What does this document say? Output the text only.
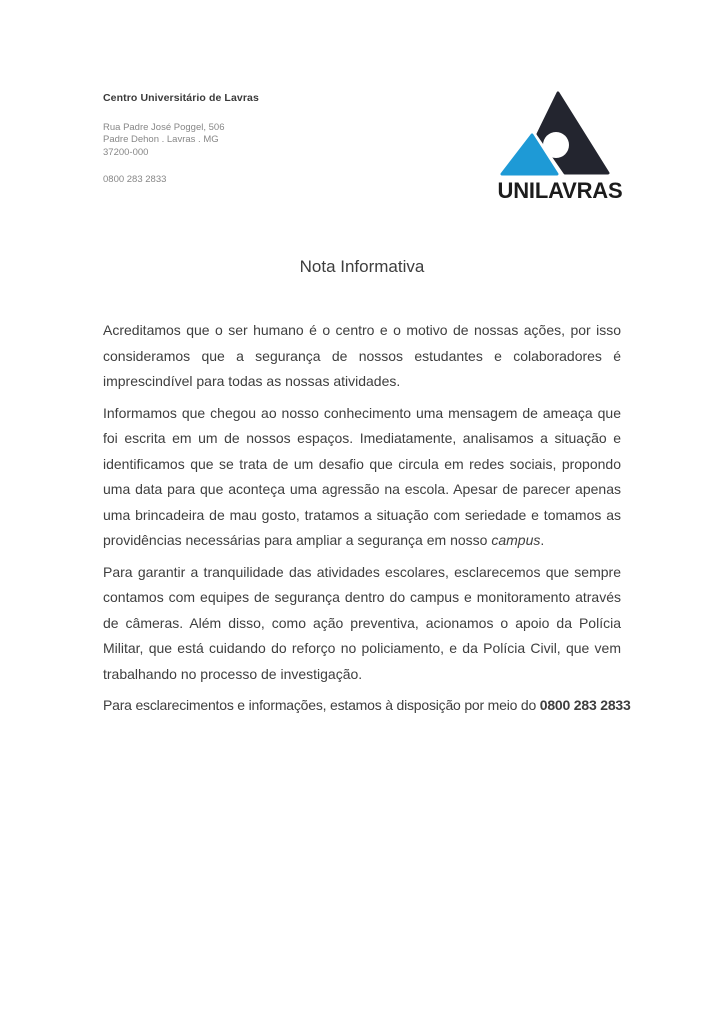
Centro Universitário de Lavras
Rua Padre José Poggel, 506
Padre Dehon . Lavras . MG
37200-000
0800 283 2833	UNILAVRAS
Nota Informativa

Acreditamos que o ser humano é o centro e o motivo de nossas ações, por isso consideramos que a segurança de nossos estudantes e colaboradores é imprescindível para todas as nossas atividades.

Informamos que chegou ao nosso conhecimento uma mensagem de ameaça que foi escrita em um de nossos espaços. Imediatamente, analisamos a situação e identificamos que se trata de um desafio que circula em redes sociais, propondo uma data para que aconteça uma agressão na escola. Apesar de parecer apenas uma brincadeira de mau gosto, tratamos a situação com seriedade e tomamos as providências necessárias para ampliar a segurança em nosso campus.

Para garantir a tranquilidade das atividades escolares, esclarecemos que sempre contamos com equipes de segurança dentro do campus e monitoramento através de câmeras. Além disso, como ação preventiva, acionamos o apoio da Polícia Militar, que está cuidando do reforço no policiamento, e da Polícia Civil, que vem trabalhando no processo de investigação.

Para esclarecimentos e informações, estamos à disposição por meio do 0800 283 2833
